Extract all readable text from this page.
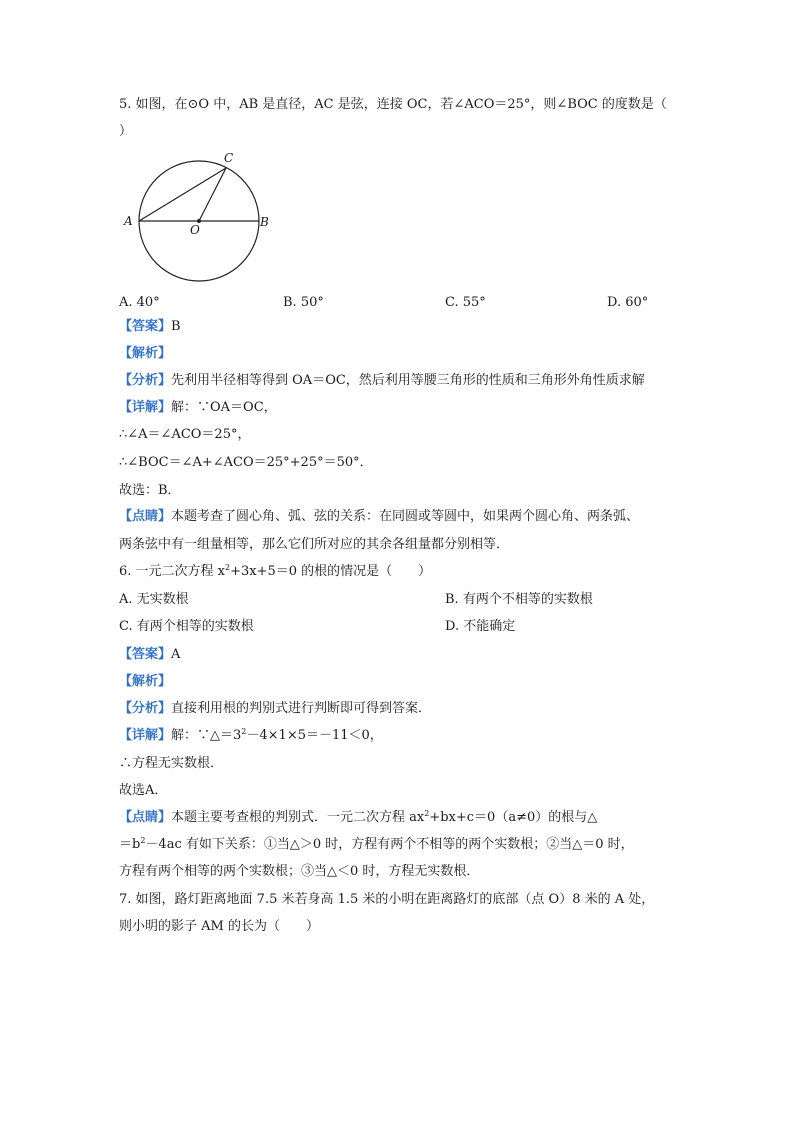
5. 如图，在⊙O 中，AB 是直径，AC 是弦，连接 OC，若∠ACO＝25°，则∠BOC 的度数是（
）
A	B
C
O
A. 40°	B. 50°	C. 55°	D. 60°
【答案】B
【解析】
【分析】先利用半径相等得到 OA＝OC，然后利用等腰三角形的性质和三角形外角性质求解
【详解】解：∵OA＝OC，
∴∠A＝∠ACO＝25°，
∴∠BOC＝∠A+∠ACO＝25°+25°＝50°．
故选：B．
【点睛】本题考查了圆心角、弧、弦的关系：在同圆或等圆中，如果两个圆心角、两条弧、
两条弦中有一组量相等，那么它们所对应的其余各组量都分别相等．
6. 一元二次方程 $x^2+3x+5=0$ 的根的情况是（　　）
A. 无实数根	B. 有两个不相等的实数根
C. 有两个相等的实数根	D. 不能确定
【答案】A
【解析】
【分析】直接利用根的判别式进行判断即可得到答案．
【详解】解：$\because\triangle=3^2-4\times 1\times 5=-11<0$，
∴方程无实数根．
故选A．
【点睛】本题主要考查根的判别式．一元二次方程 $ax^2+bx+c=0(a\ne 0)$的根与△
$=b^2-4ac$ 有如下关系：①当△＞0 时，方程有两个不相等的两个实数根；②当△＝0 时，
方程有两个相等的两个实数根；③当△＜0 时，方程无实数根．
7. 如图，路灯距离地面 7.5 米若身高 1.5 米的小明在距离路灯的底部（点 O）8 米的 A 处，
则小明的影子 AM 的长为（　　）
